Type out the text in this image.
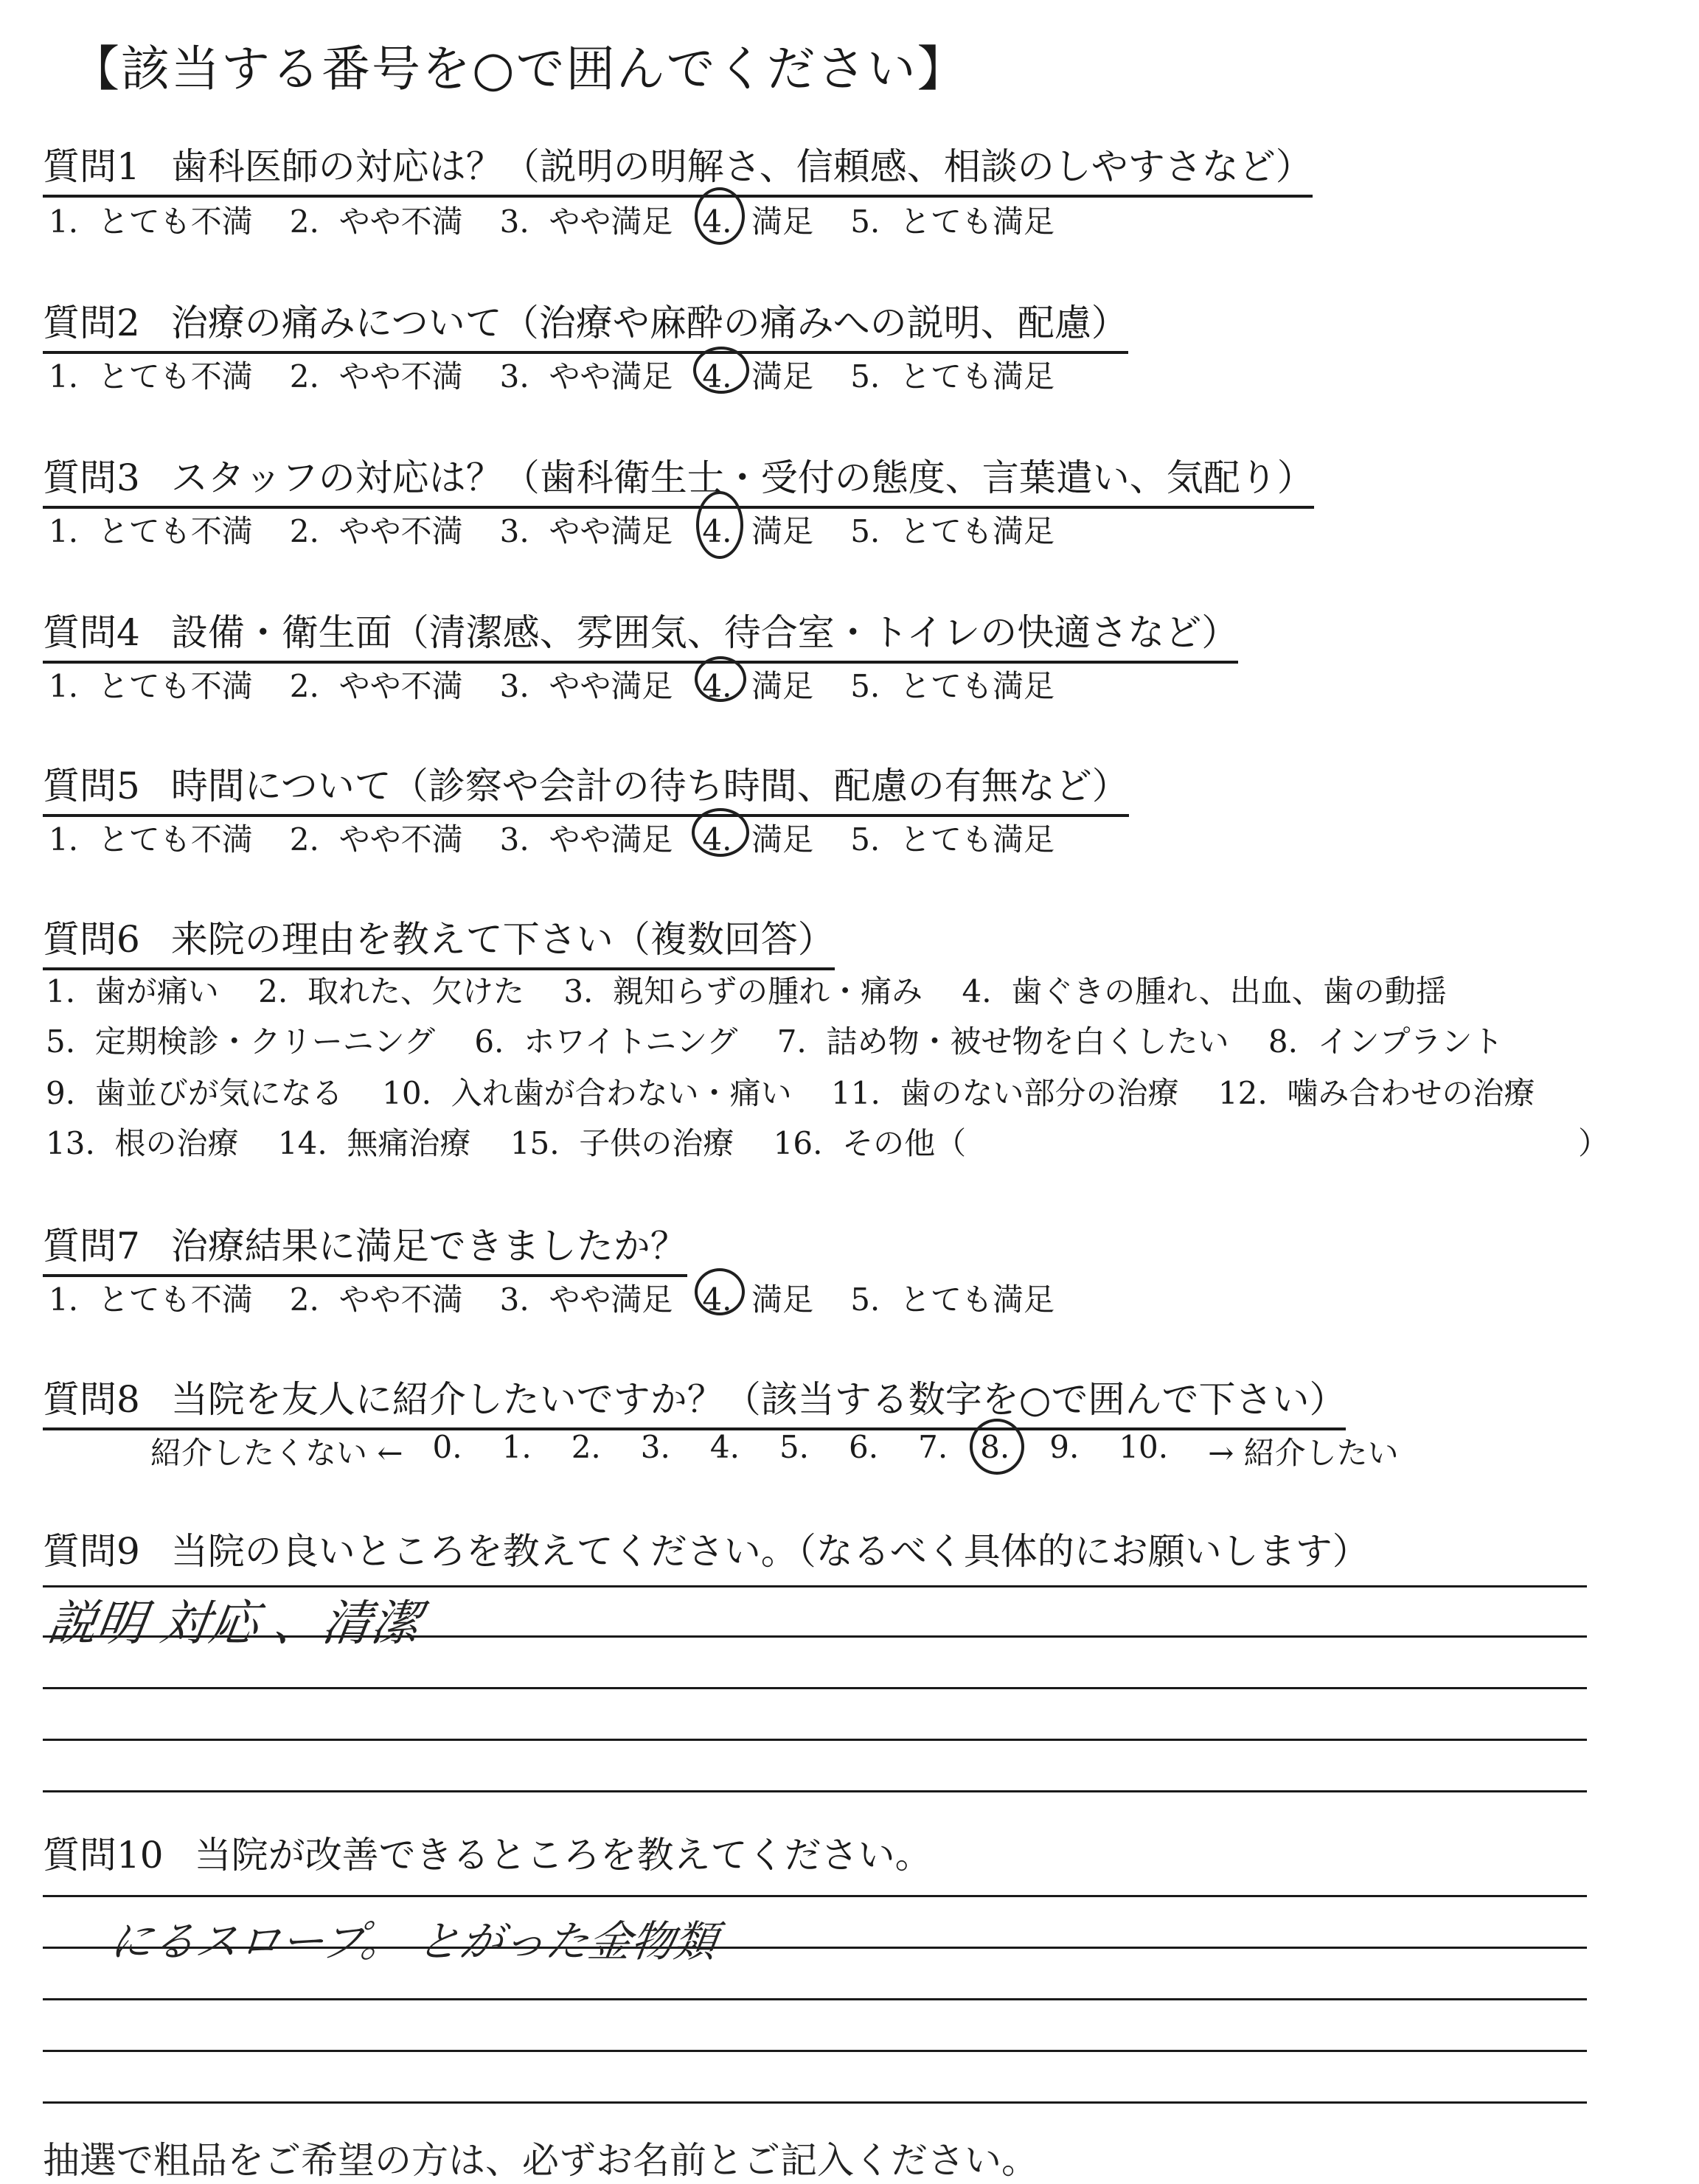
【該当する番号を○で囲んでください】
質問1 歯科医師の対応は？（説明の明解さ、信頼感、相談のしやすさなど）
1.
とても不満 2.
やや不満 3.
やや満足 4.
満足 5.
とても満足
質問2 治療の痛みについて（治療や麻酔の痛みへの説明、配慮）
1.
とても不満 2.
やや不満 3.
やや満足 4.
満足 5.
とても満足
質問3 スタッフの対応は？（歯科衛生士・受付の態度、言葉遣い、気配り）
1.
とても不満 2.
やや不満 3.
やや満足 4.
満足 5.
とても満足
質問4 設備・衛生面（清潔感、雰囲気、待合室・トイレの快適さなど）
1.
とても不満 2.
やや不満 3.
やや満足 4.
満足 5.
とても満足
質問5 時間について（診察や会計の待ち時間、配慮の有無など）
1.
とても不満 2.
やや不満 3.
やや満足 4.
満足 5.
とても満足
質問6 来院の理由を教えて下さい（複数回答）
1. 歯が痛い 2. 取れた、欠けた 3. 親知らずの腫れ・痛み 4. 歯ぐきの腫れ、出血、歯の動揺
5. 定期検診・クリーニング 6. ホワイトニング 7. 詰め物・被せ物を白くしたい 8. インプラント
9. 歯並びが気になる 10. 入れ歯が合わない・痛い 11. 歯のない部分の治療 12. 噛み合わせの治療
13. 根の治療 14. 無痛治療 15. 子供の治療 16. その他（	）
質問7 治療結果に満足できましたか？
1.
とても不満 2.
やや不満 3.
やや満足 4.
満足 5.
とても満足
質問8 当院を友人に紹介したいですか？（該当する数字を○で囲んで下さい）
紹介したくない ← 0. 1. 2. 3. 4. 5. 6. 7. 8. 9. 10. → 紹介したい
質問9 当院の良いところを教えてください。（なるべく具体的にお願いします）
説明 対応 、清潔
質問10 当院が改善できるところを教えてください。
にるスロープ。 とがった金物類
抽選で粗品をご希望の方は、必ずお名前とご記入ください。
